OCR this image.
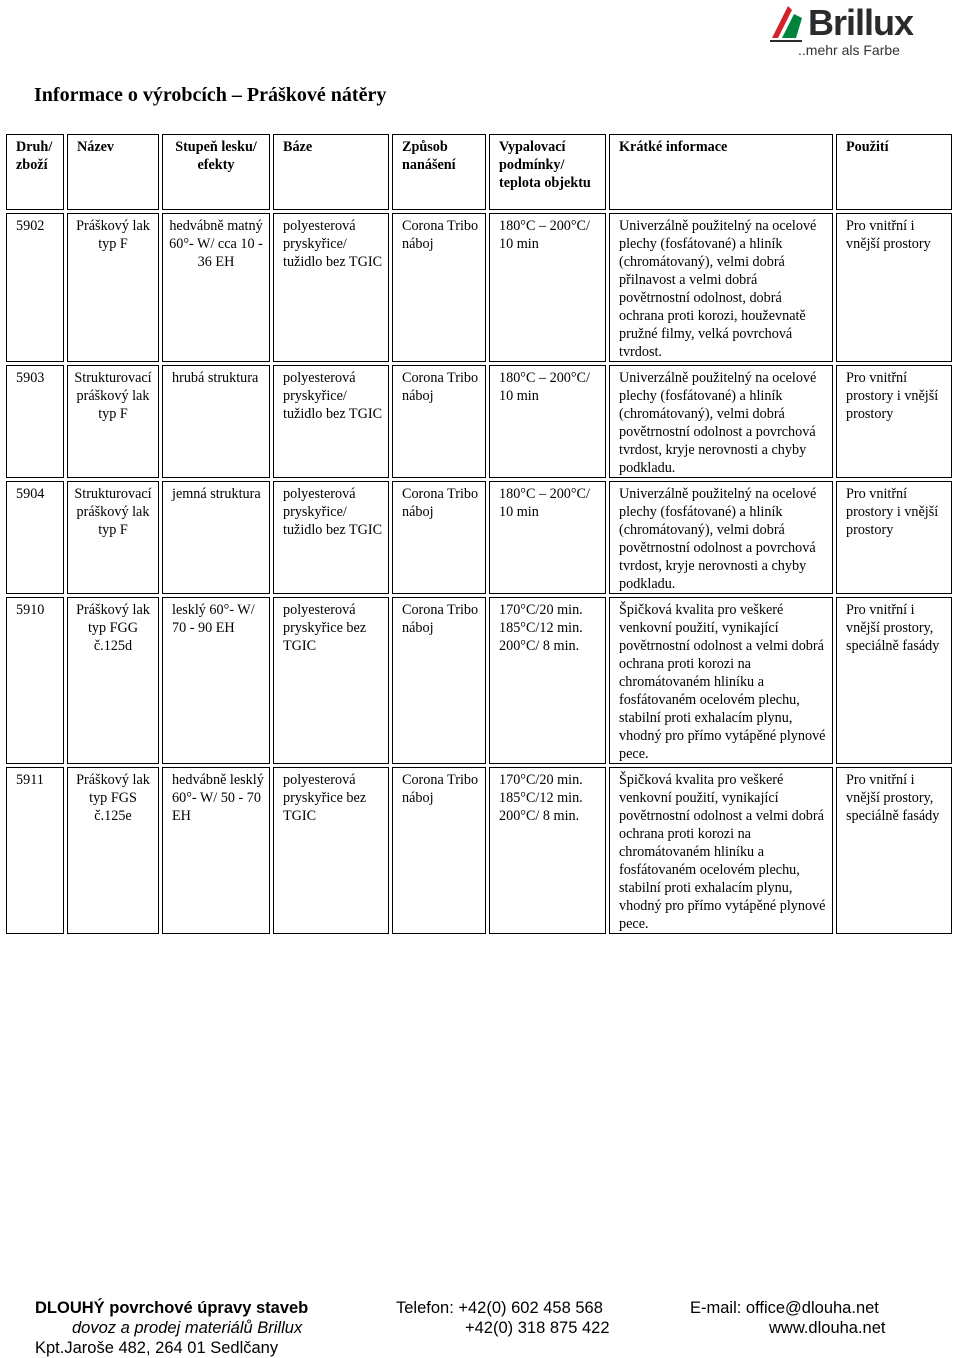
Brillux
..mehr als Farbe
Informace o výrobcích – Práškové nátěry
Druh/ zboží	Název	Stupeň lesku/ efekty	Báze	Způsob nanášení	Vypalovací podmínky/ teplota objektu	Krátké informace	Použití
5902	Práškový lak typ F	hedvábně matný 60°- W/ cca 10 - 36 EH	polyesterová pryskyřice/ tužidlo bez TGIC	Corona Tribo náboj	180°C – 200°C/ 10 min	Univerzálně použitelný na ocelové plechy (fosfátované) a hliník (chromátovaný), velmi dobrá přilnavost a velmi dobrá povětrnostní odolnost, dobrá ochrana proti korozi, houževnatě pružné filmy, velká povrchová tvrdost.	Pro vnitřní i vnější prostory
5903	Strukturovací práškový lak typ F	hrubá struktura	polyesterová pryskyřice/ tužidlo bez TGIC	Corona Tribo náboj	180°C – 200°C/ 10 min	Univerzálně použitelný na ocelové plechy (fosfátované) a hliník (chromátovaný), velmi dobrá povětrnostní odolnost a povrchová tvrdost, kryje nerovnosti a chyby podkladu.	Pro vnitřní prostory i vnější prostory
5904	Strukturovací práškový lak typ F	jemná struktura	polyesterová pryskyřice/ tužidlo bez TGIC	Corona Tribo náboj	180°C – 200°C/ 10 min	Univerzálně použitelný na ocelové plechy (fosfátované) a hliník (chromátovaný), velmi dobrá povětrnostní odolnost a povrchová tvrdost, kryje nerovnosti a chyby podkladu.	Pro vnitřní prostory i vnější prostory
5910	Práškový lak typ FGG č.125d	lesklý 60°- W/ 70 - 90 EH	polyesterová pryskyřice bez TGIC	Corona Tribo náboj	170°C/20 min. 185°C/12 min. 200°C/ 8 min.	Špičková kvalita pro veškeré venkovní použití, vynikající povětrnostní odolnost a velmi dobrá ochrana proti korozi na chromátovaném hliníku a fosfátovaném ocelovém plechu, stabilní proti exhalacím plynu, vhodný pro přímo vytápěné plynové pece.	Pro vnitřní i vnější prostory, speciálně fasády
5911	Práškový lak typ FGS č.125e	hedvábně lesklý 60°- W/ 50 - 70 EH	polyesterová pryskyřice bez TGIC	Corona Tribo náboj	170°C/20 min. 185°C/12 min. 200°C/ 8 min.	Špičková kvalita pro veškeré venkovní použití, vynikající povětrnostní odolnost a velmi dobrá ochrana proti korozi na chromátovaném hliníku a fosfátovaném ocelovém plechu, stabilní proti exhalacím plynu, vhodný pro přímo vytápěné plynové pece.	Pro vnitřní i vnější prostory, speciálně fasády
DLOUHÝ povrchové úpravy staveb
dovoz a prodej materiálů Brillux
Kpt.Jaroše 482, 264 01 Sedlčany
Telefon: +42(0) 602 458 568
+42(0) 318 875 422
E-mail: office@dlouha.net
www.dlouha.net
